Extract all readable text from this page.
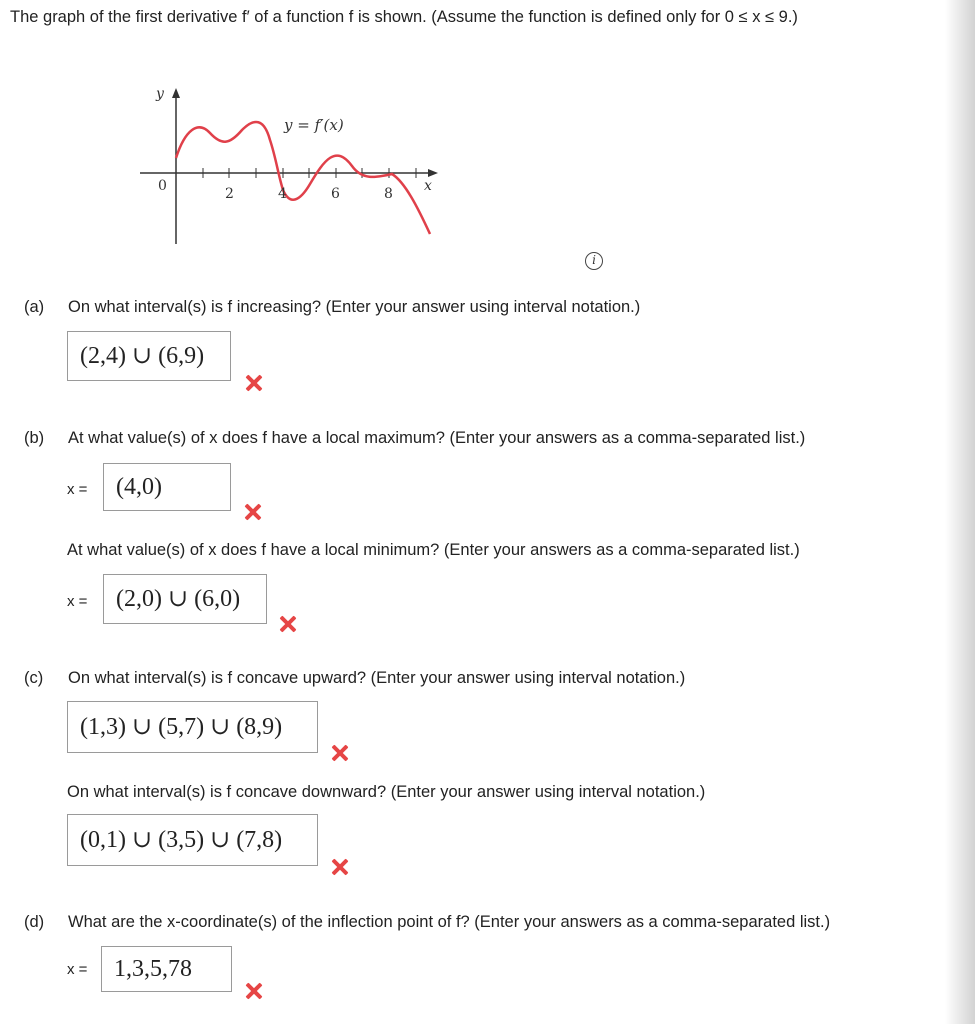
The graph of the first derivative f′ of a function f is shown. (Assume the function is defined only for 0 ≤ x ≤ 9.)
y
x
y = f′(x)
0	2	4	6	8
i
(a) On what interval(s) is f increasing? (Enter your answer using interval notation.)
(2,4) ∪ (6,9)
(b) At what value(s) of x does f have a local maximum? (Enter your answers as a comma-separated list.)
x =	(4,0)
At what value(s) of x does f have a local minimum? (Enter your answers as a comma-separated list.)
x =	(2,0) ∪ (6,0)
(c) On what interval(s) is f concave upward? (Enter your answer using interval notation.)
(1,3) ∪ (5,7) ∪ (8,9)
On what interval(s) is f concave downward? (Enter your answer using interval notation.)
(0,1) ∪ (3,5) ∪ (7,8)
(d) What are the x-coordinate(s) of the inflection point of f? (Enter your answers as a comma-separated list.)
x =	1,3,5,78
